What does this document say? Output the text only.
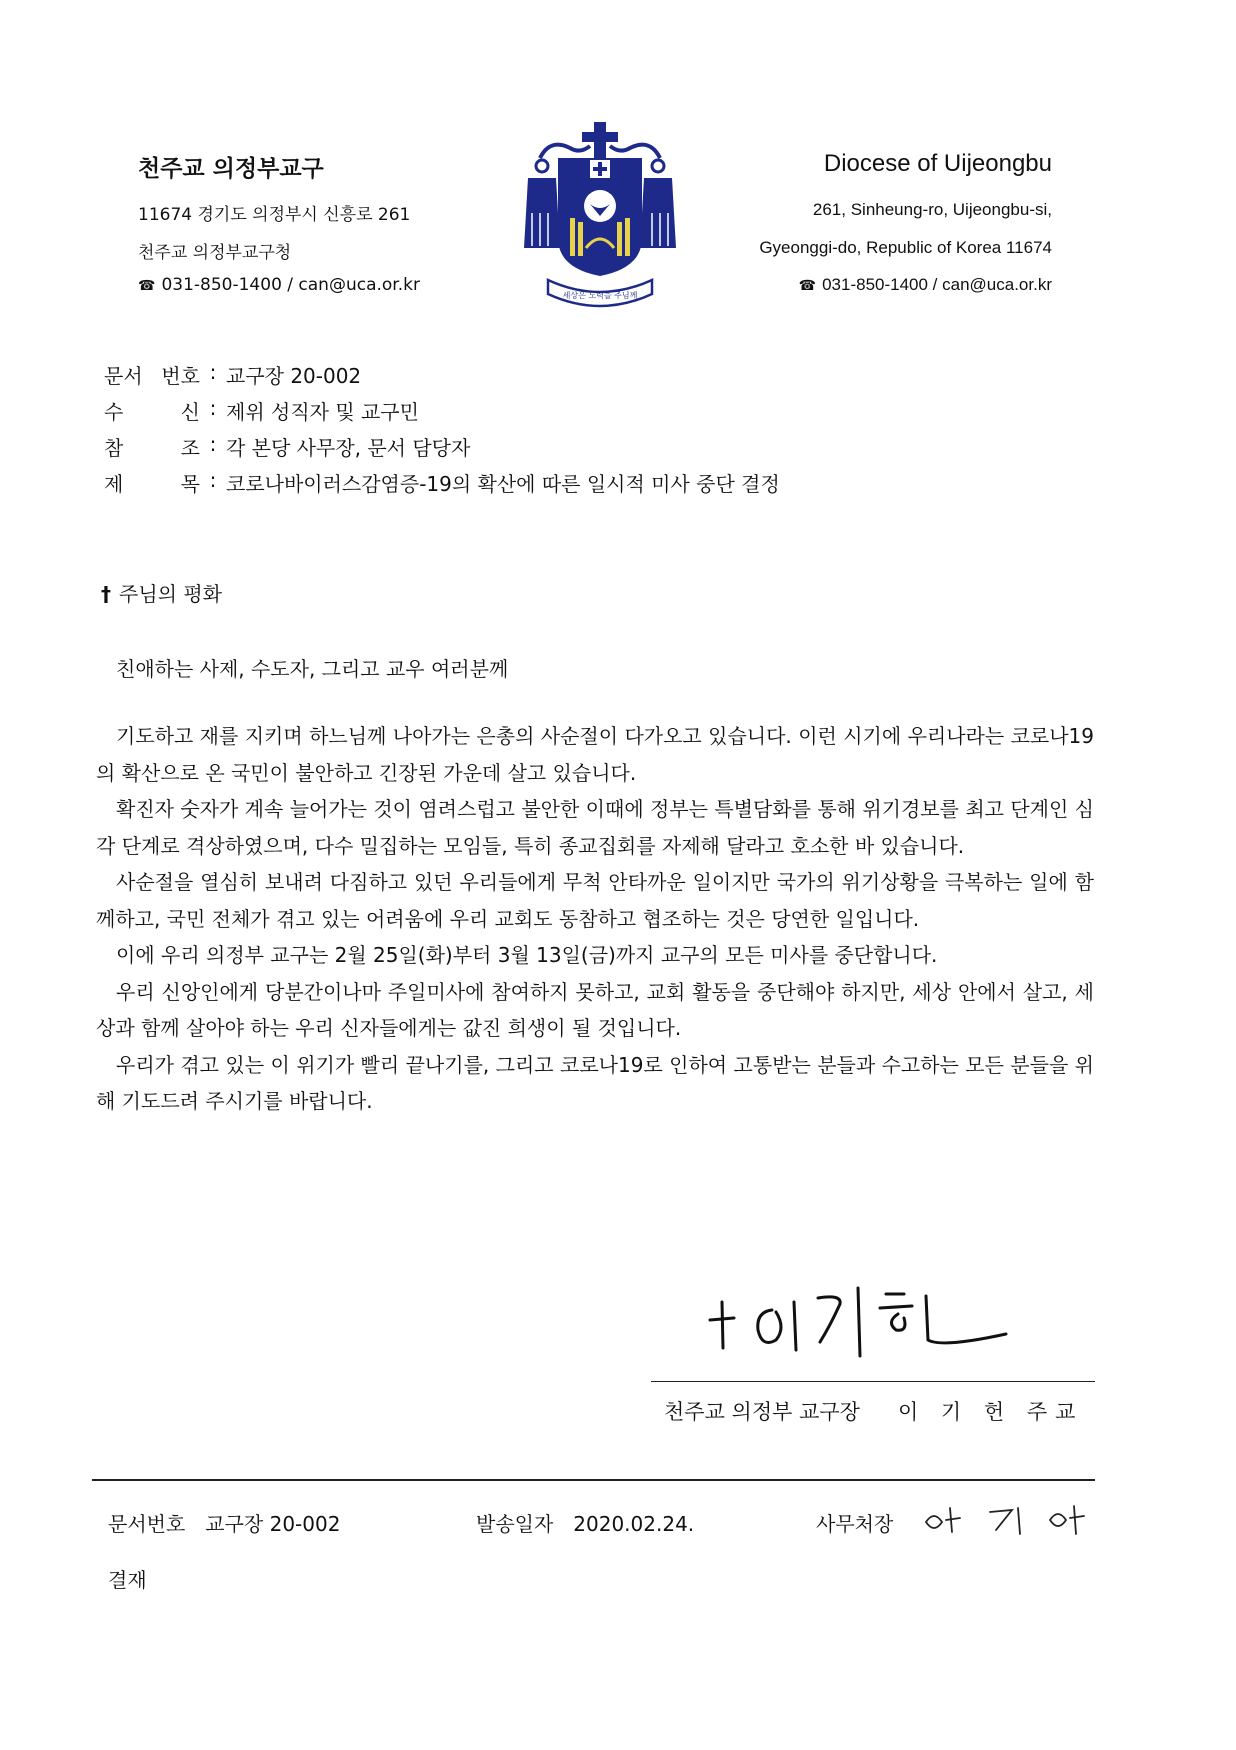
천주교 의정부교구
11674 경기도 의정부시 신흥로 261
천주교 의정부교구청
☎ 031-850-1400 / can@uca.or.kr
세상은 노력을 주님께
Diocese of Uijeongbu
261, Sinheung-ro, Uijeongbu-si,
Gyeonggi-do, Republic of Korea 11674
☎ 031-850-1400 / can@uca.or.kr
문서 번호 : 교구장 20-002
수 신 : 제위 성직자 및 교구민
참 조 : 각 본당 사무장, 문서 담당자
제 목 : 코로나바이러스감염증-19의 확산에 따른 일시적 미사 중단 결정
† 주님의 평화
친애하는 사제, 수도자, 그리고 교우 여러분께

기도하고 재를 지키며 하느님께 나아가는 은총의 사순절이 다가오고 있습니다. 이런 시기에 우리나라는 코로나19의 확산으로 온 국민이 불안하고 긴장된 가운데 살고 있습니다.

확진자 숫자가 계속 늘어가는 것이 염려스럽고 불안한 이때에 정부는 특별담화를 통해 위기경보를 최고 단계인 심각 단계로 격상하였으며, 다수 밀집하는 모임들, 특히 종교집회를 자제해 달라고 호소한 바 있습니다.

사순절을 열심히 보내려 다짐하고 있던 우리들에게 무척 안타까운 일이지만 국가의 위기상황을 극복하는 일에 함께하고, 국민 전체가 겪고 있는 어려움에 우리 교회도 동참하고 협조하는 것은 당연한 일입니다.

이에 우리 의정부 교구는 2월 25일(화)부터 3월 13일(금)까지 교구의 모든 미사를 중단합니다.

우리 신앙인에게 당분간이나마 주일미사에 참여하지 못하고, 교회 활동을 중단해야 하지만, 세상 안에서 살고, 세상과 함께 살아야 하는 우리 신자들에게는 값진 희생이 될 것입니다.

우리가 겪고 있는 이 위기가 빨리 끝나기를, 그리고 코로나19로 인하여 고통받는 분들과 수고하는 모든 분들을 위해 기도드려 주시기를 바랍니다.

천주교 의정부 교구장 이 기 헌 주교
문서번호 교구장 20-002	발송일자 2020.02.24.	사무처장
결재
